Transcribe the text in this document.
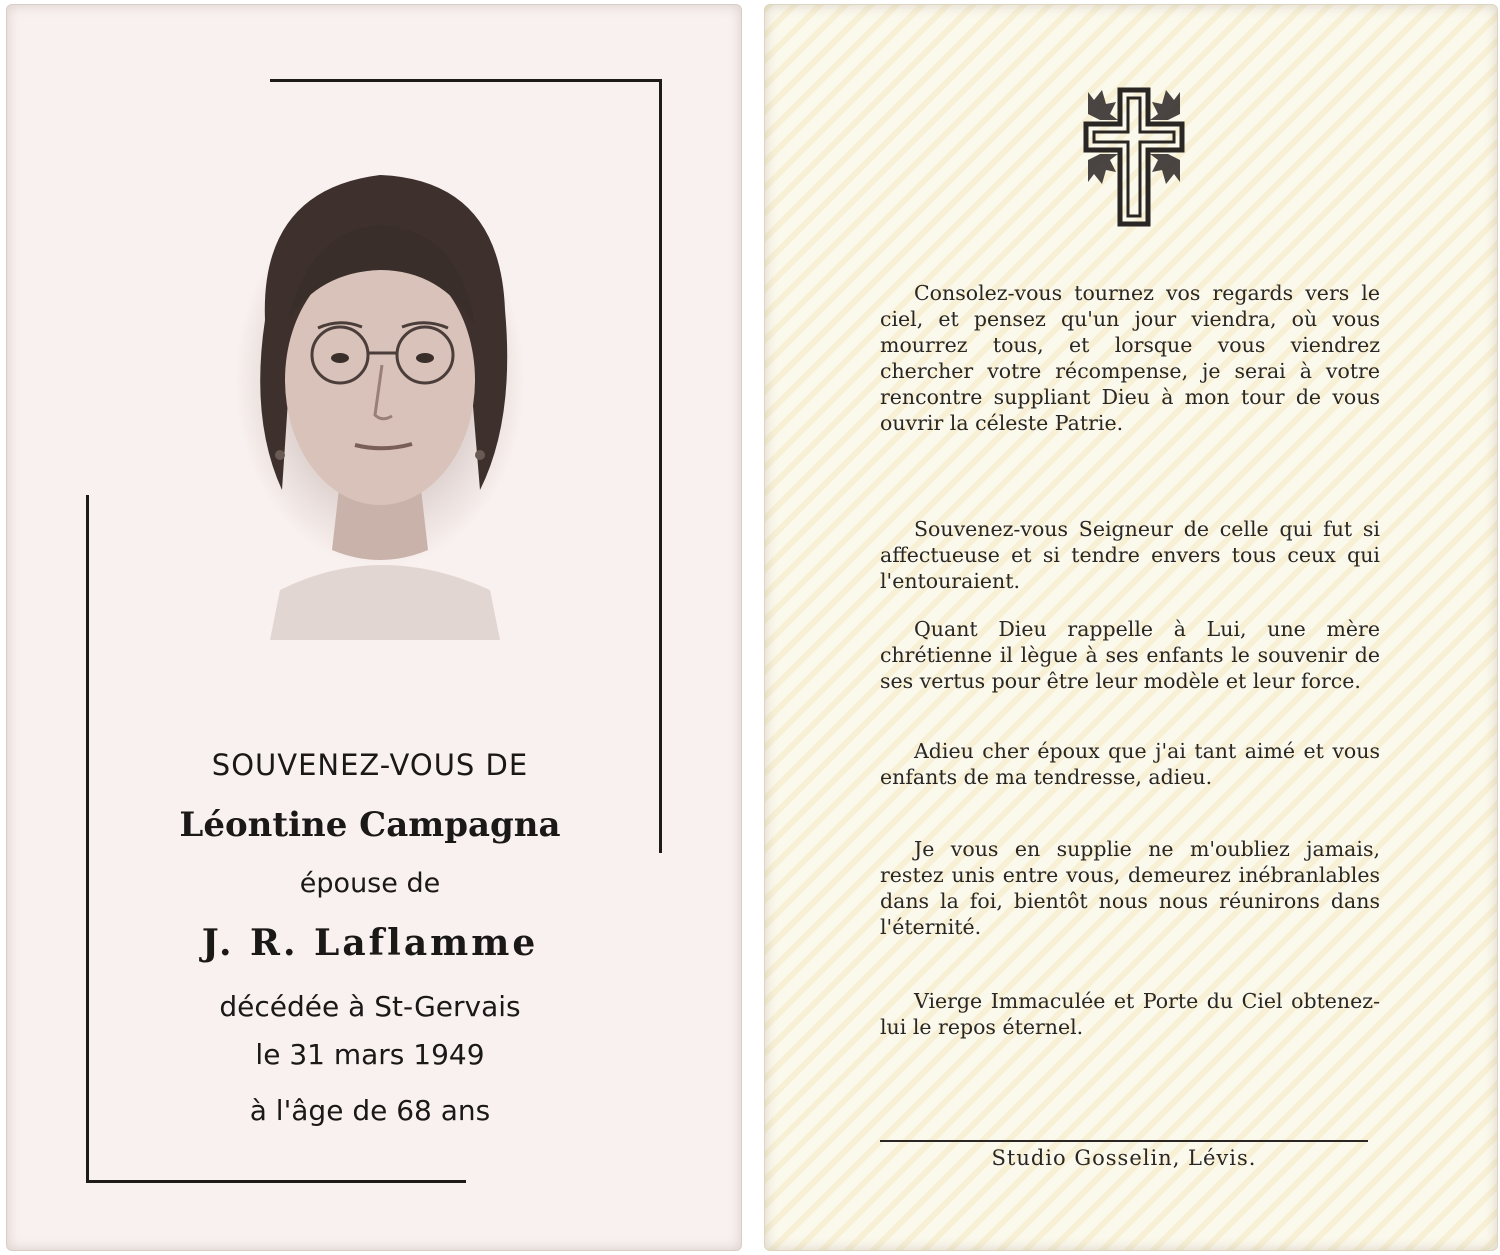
SOUVENEZ-VOUS DE
Léontine Campagna
épouse de
J. R. Laflamme
décédée à St-Gervais
le 31 mars 1949
à l'âge de 68 ans

Consolez-vous tournez vos regards vers le ciel, et pensez qu'un jour viendra, où vous mourrez tous, et lorsque vous viendrez chercher votre récompense, je serai à votre rencontre suppliant Dieu à mon tour de vous ouvrir la céleste Patrie.

Souvenez-vous Seigneur de celle qui fut si affectueuse et si tendre envers tous ceux qui l'entouraient.

Quant Dieu rappelle à Lui, une mère chrétienne il lègue à ses enfants le souvenir de ses vertus pour être leur modèle et leur force.

Adieu cher époux que j'ai tant aimé et vous enfants de ma tendresse, adieu.

Je vous en supplie ne m'oubliez jamais, restez unis entre vous, demeurez inébranlables dans la foi, bientôt nous nous réunirons dans l'éternité.

Vierge Immaculée et Porte du Ciel obtenez-lui le repos éternel.

Studio Gosselin, Lévis.
